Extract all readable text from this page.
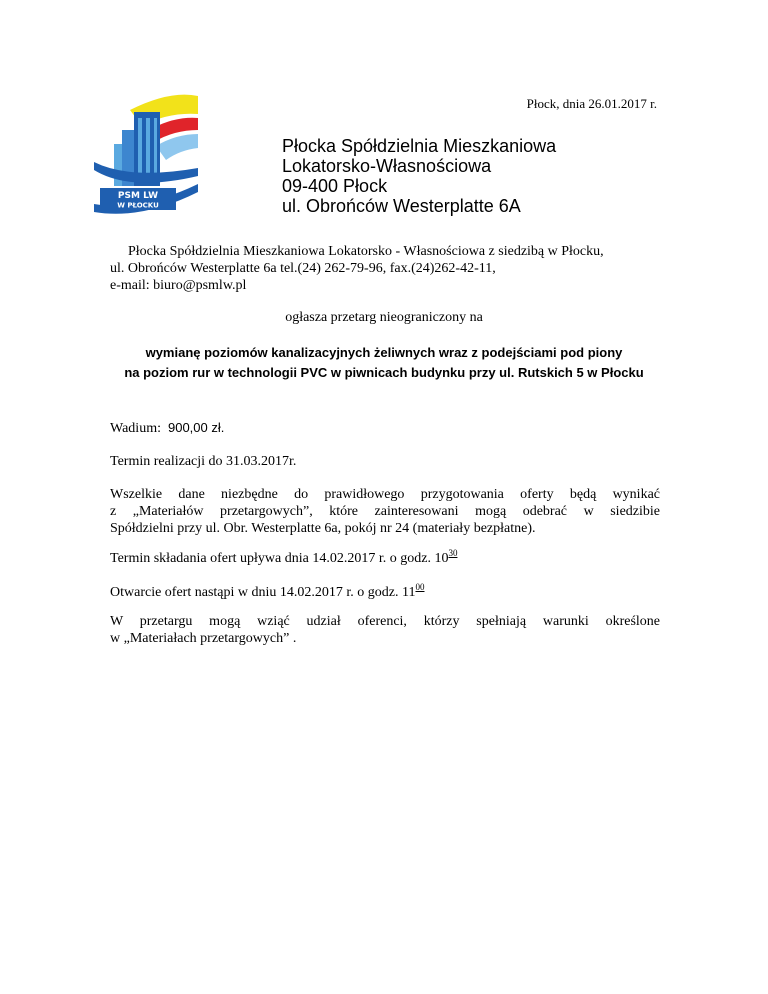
Płock, dnia 26.01.2017 r.
PSM LW
W PŁOCKU
Płocka Spółdzielnia Mieszkaniowa
Lokatorsko-Własnościowa
09-400 Płock
ul. Obrońców Westerplatte 6A
Płocka Spółdzielnia Mieszkaniowa Lokatorsko - Własnościowa z siedzibą w Płocku,
ul. Obrońców Westerplatte 6a tel.(24) 262-79-96, fax.(24)262-42-11,
e-mail: biuro@psmlw.pl
ogłasza przetarg nieograniczony na
wymianę poziomów kanalizacyjnych żeliwnych wraz z podejściami pod piony
na poziom rur w technologii PVC w piwnicach budynku przy ul. Rutskich 5 w Płocku
Wadium: 900,00 zł.
Termin realizacji do 31.03.2017r.
Wszelkie dane niezbędne do prawidłowego przygotowania oferty będą wynikać
z „Materiałów przetargowych”, które zainteresowani mogą odebrać w siedzibie
Spółdzielni przy ul. Obr. Westerplatte 6a, pokój nr 24 (materiały bezpłatne).
Termin składania ofert upływa dnia 14.02.2017 r. o godz. $10^{30}$
Otwarcie ofert nastąpi w dniu 14.02.2017 r. o godz. $11^{00}$
W przetargu mogą wziąć udział oferenci, którzy spełniają warunki określone
w „Materiałach przetargowych” .
